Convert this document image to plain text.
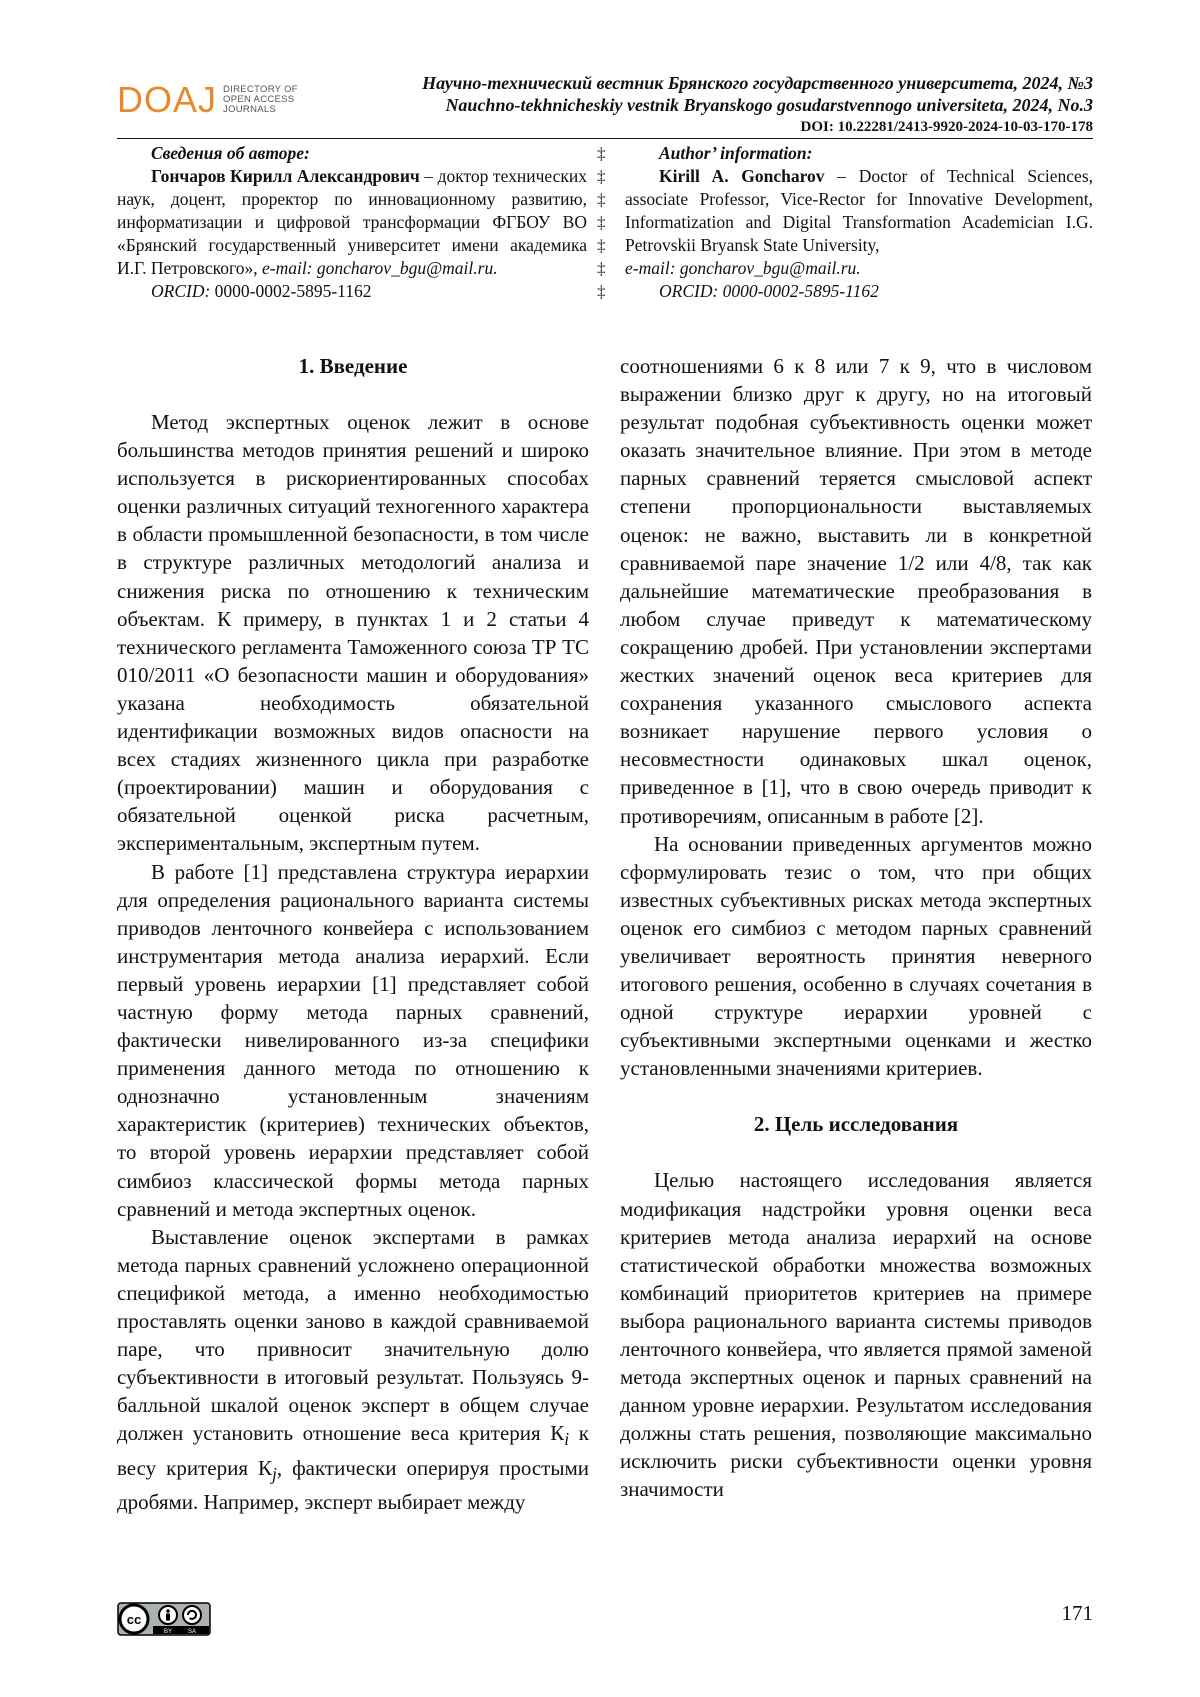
DOAJ DIRECTORY OF
OPEN ACCESS
JOURNALS
Научно-технический вестник Брянского государственного университета, 2024, №3
Nauchno-tekhnicheskiy vestnik Bryanskogo gosudarstvennogo universiteta, 2024, No.3
DOI: 10.22281/2413-9920-2024-10-03-170-178
Сведения об авторе:
Гончаров Кирилл Александрович – доктор технических наук, доцент, проректор по инновационному развитию, информатизации и цифровой трансформации ФГБОУ ВО «Брянский государственный университет имени академика И.Г. Петровского», e-mail: goncharov_bgu@mail.ru.
ORCID: 0000-0002-5895-1162
‡
‡
‡
‡
‡
‡
‡
Author’ information:
Kirill A. Goncharov – Doctor of Technical Sciences, associate Professor, Vice-Rector for Innovative Development, Informatization and Digital Transformation Academician I.G. Petrovskii Bryansk State University,
e-mail: goncharov_bgu@mail.ru.
ORCID: 0000-0002-5895-1162
1. Введение

Метод экспертных оценок лежит в основе большинства методов принятия решений и широко используется в рискориентированных способах оценки различных ситуаций техногенного характера в области промышленной безопасности, в том числе в структуре различных методологий анализа и снижения риска по отношению к техническим объектам. К примеру, в пунктах 1 и 2 статьи 4 технического регламента Таможенного союза ТР ТС 010/2011 «О безопасности машин и оборудования» указана необходимость обязательной идентификации возможных видов опасности на всех стадиях жизненного цикла при разработке (проектировании) машин и оборудования с обязательной оценкой риска расчетным, экспериментальным, экспертным путем.

В работе [1] представлена структура иерархии для определения рационального варианта системы приводов ленточного конвейера с использованием инструментария метода анализа иерархий. Если первый уровень иерархии [1] представляет собой частную форму метода парных сравнений, фактически нивелированного из-за специфики применения данного метода по отношению к однозначно установленным значениям характеристик (критериев) технических объектов, то второй уровень иерархии представляет собой симбиоз классической формы метода парных сравнений и метода экспертных оценок.

Выставление оценок экспертами в рамках метода парных сравнений усложнено операционной спецификой метода, а именно необходимостью проставлять оценки заново в каждой сравниваемой паре, что привносит значительную долю субъективности в итоговый результат. Пользуясь 9-балльной шкалой оценок эксперт в общем случае должен установить отношение веса критерия $К_i$ к весу критерия $К_j$, фактически оперируя простыми дробями. Например, эксперт выбирает между

соотношениями 6 к 8 или 7 к 9, что в числовом выражении близко друг к другу, но на итоговый результат подобная субъективность оценки может оказать значительное влияние. При этом в методе парных сравнений теряется смысловой аспект степени пропорциональности выставляемых оценок: не важно, выставить ли в конкретной сравниваемой паре значение 1/2 или 4/8, так как дальнейшие математические преобразования в любом случае приведут к математическому сокращению дробей. При установлении экспертами жестких значений оценок веса критериев для сохранения указанного смыслового аспекта возникает нарушение первого условия о несовместности одинаковых шкал оценок, приведенное в [1], что в свою очередь приводит к противоречиям, описанным в работе [2].

На основании приведенных аргументов можно сформулировать тезис о том, что при общих известных субъективных рисках метода экспертных оценок его симбиоз с методом парных сравнений увеличивает вероятность принятия неверного итогового решения, особенно в случаях сочетания в одной структуре иерархии уровней с субъективными экспертными оценками и жестко установленными значениями критериев.

2. Цель исследования

Целью настоящего исследования является модификация надстройки уровня оценки веса критериев метода анализа иерархий на основе статистической обработки множества возможных комбинаций приоритетов критериев на примере выбора рационального варианта системы приводов ленточного конвейера, что является прямой заменой метода экспертных оценок и парных сравнений на данном уровне иерархии. Результатом исследования должны стать решения, позволяющие максимально исключить риски субъективности оценки уровня значимости

cc
BY	SA
171
